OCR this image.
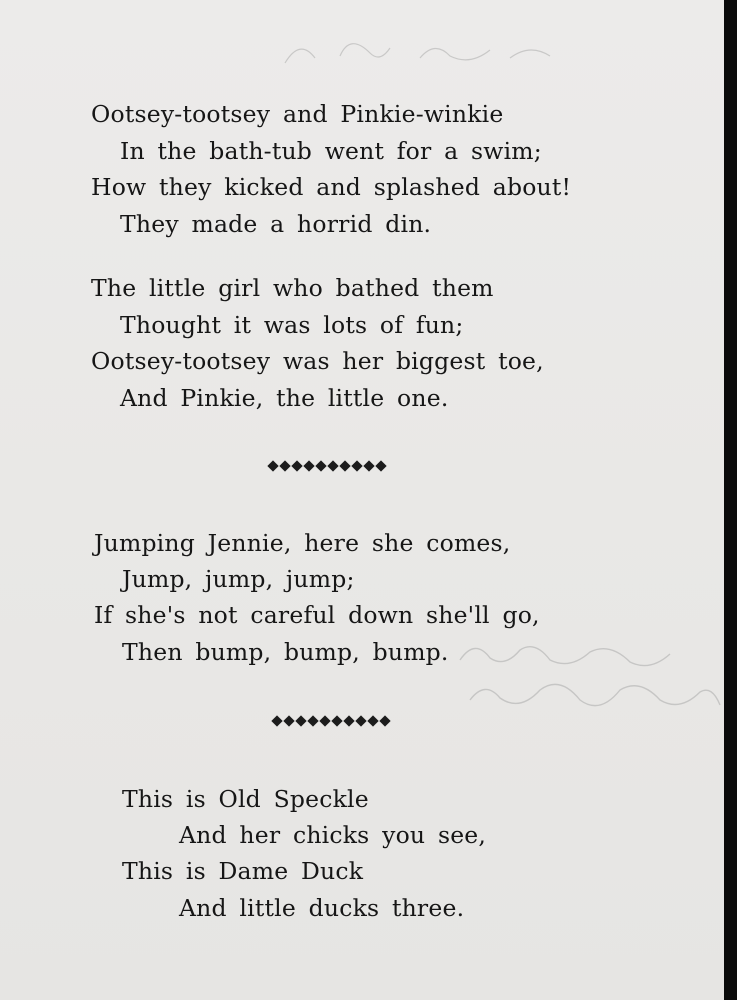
Ootsey-tootsey and Pinkie-winkie
In the bath-tub went for a swim;
How they kicked and splashed about!
They made a horrid din.
The little girl who bathed them
Thought it was lots of fun;
Ootsey-tootsey was her biggest toe,
And Pinkie, the little one.
Jumping Jennie, here she comes,
Jump, jump, jump;
If she's not careful down she'll go,
Then bump, bump, bump.
This is Old Speckle
And her chicks you see,
This is Dame Duck
And little ducks three.
